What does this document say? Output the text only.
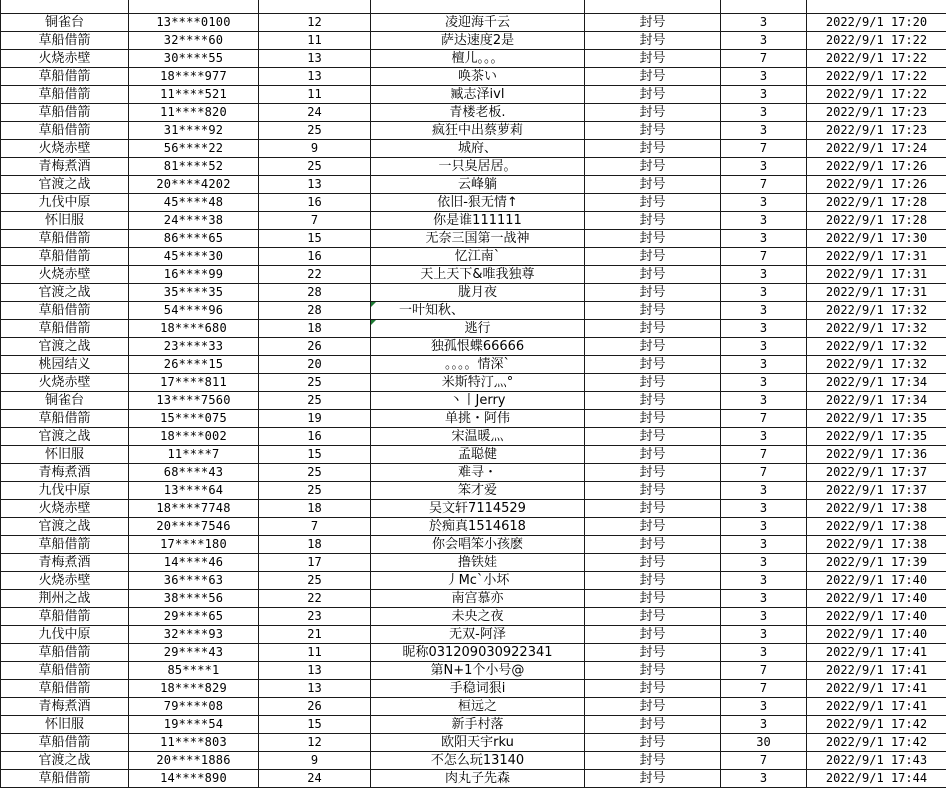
铜雀台	13****0100	12	凌迎海千云	封号	3	2022/9/1 17:20
草船借箭	32****60	11	萨达速度2是	封号	3	2022/9/1 17:22
火烧赤壁	30****55	13	檀儿。。。	封号	7	2022/9/1 17:22
草船借箭	18****977	13	唤茶い	封号	3	2022/9/1 17:22
草船借箭	11****521	11	臧志泽ivl	封号	3	2022/9/1 17:22
草船借箭	11****820	24	青楼老板.	封号	3	2022/9/1 17:23
草船借箭	31****92	25	疯狂中出蔡萝莉	封号	3	2022/9/1 17:23
火烧赤壁	56****22	9	城府、	封号	7	2022/9/1 17:24
青梅煮酒	81****52	25	一只臭居居。	封号	3	2022/9/1 17:26
官渡之战	20****4202	13	云峰躺	封号	7	2022/9/1 17:26
九伐中原	45****48	16	依旧-狠无情↑	封号	3	2022/9/1 17:28
怀旧服	24****38	7	你是谁111111	封号	3	2022/9/1 17:28
草船借箭	86****65	15	无奈三国第一战神	封号	3	2022/9/1 17:30
草船借箭	45****30	16	忆江南`	封号	7	2022/9/1 17:31
火烧赤壁	16****99	22	天上天下&唯我独尊	封号	3	2022/9/1 17:31
官渡之战	35****35	28	胧月夜	封号	3	2022/9/1 17:31
草船借箭	54****96	28	一叶知秋、	封号	3	2022/9/1 17:32
草船借箭	18****680	18	逃行	封号	3	2022/9/1 17:32
官渡之战	23****33	26	独孤恨蝶66666	封号	3	2022/9/1 17:32
桃园结义	26****15	20	。。。。情深`	封号	3	2022/9/1 17:32
火烧赤壁	17****811	25	米斯特汀灬°	封号	3	2022/9/1 17:34
铜雀台	13****7560	25	丶丨Jerry	封号	3	2022/9/1 17:34
草船借箭	15****075	19	单挑・阿伟	封号	7	2022/9/1 17:35
官渡之战	18****002	16	宋温暖灬	封号	3	2022/9/1 17:35
怀旧服	11****7	15	孟聪健	封号	7	2022/9/1 17:36
青梅煮酒	68****43	25	难寻・	封号	7	2022/9/1 17:37
九伐中原	13****64	25	笨才爱	封号	3	2022/9/1 17:37
火烧赤壁	18****7748	18	吴文轩7114529	封号	3	2022/9/1 17:38
官渡之战	20****7546	7	於痴真1514618	封号	3	2022/9/1 17:38
草船借箭	17****180	18	你会唱笨小孩麽	封号	3	2022/9/1 17:38
青梅煮酒	14****46	17	撸铁娃	封号	3	2022/9/1 17:39
火烧赤壁	36****63	25	丿Mc`小坏	封号	3	2022/9/1 17:40
荆州之战	38****56	22	南宫慕亦	封号	3	2022/9/1 17:40
草船借箭	29****65	23	未央之夜	封号	3	2022/9/1 17:40
九伐中原	32****93	21	无双-阿泽	封号	3	2022/9/1 17:40
草船借箭	29****43	11	昵称031209030922341	封号	3	2022/9/1 17:41
草船借箭	85****1	13	第N+1个小号@	封号	7	2022/9/1 17:41
草船借箭	18****829	13	手稳词狠i	封号	7	2022/9/1 17:41
青梅煮酒	79****08	26	桓远之	封号	3	2022/9/1 17:41
怀旧服	19****54	15	新手村落	封号	3	2022/9/1 17:42
草船借箭	11****803	12	欧阳天宇rku	封号	30	2022/9/1 17:42
官渡之战	20****1886	9	不怎么玩13140	封号	7	2022/9/1 17:43
草船借箭	14****890	24	肉丸子先森	封号	3	2022/9/1 17:44
